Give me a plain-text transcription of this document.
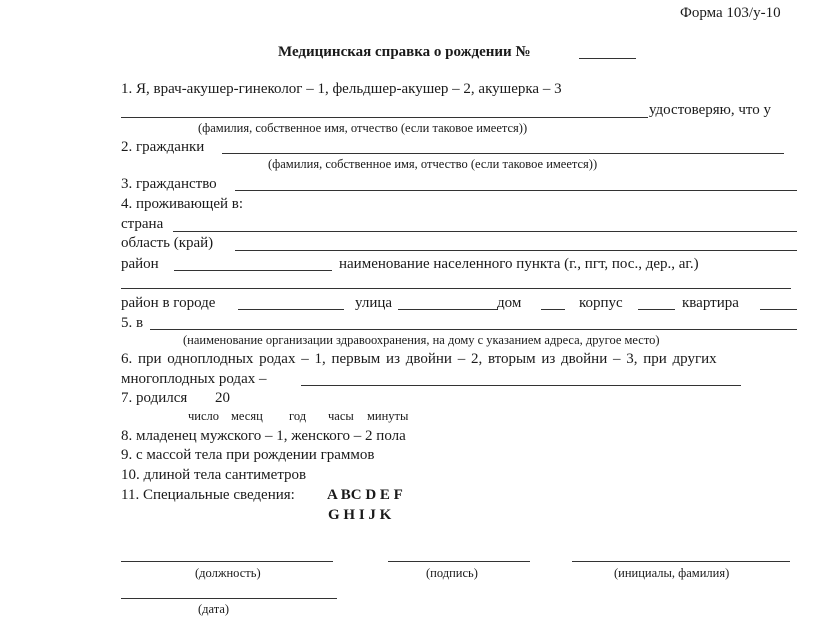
Форма 103/у-10
Медицинская справка о рождении №
1. Я, врач-акушер-гинеколог – 1, фельдшер-акушер – 2, акушерка – 3
удостоверяю, что у
(фамилия, собственное имя, отчество (если таковое имеется))
2. гражданки
(фамилия, собственное имя, отчество (если таковое имеется))
3. гражданство
4. проживающей в:
страна
область (край)
район	наименование населенного пункта (г., пгт, пос., дер., аг.)
район в городе	улица	дом	корпус	квартира
5. в
(наименование организации здравоохранения, на дому с указанием адреса, другое место)
6. при одноплодных родах – 1, первым из двойни – 2, вторым из двойни – 3, при других
многоплодных родах –
7. родился 20
число месяц год часы минуты
8. младенец мужского – 1, женского – 2 пола
9. с массой тела при рождении граммов
10. длиной тела сантиметров
11. Специальные сведения: A BC D E F
G H I J K
(должность)	(подпись)	(инициалы, фамилия)
(дата)
